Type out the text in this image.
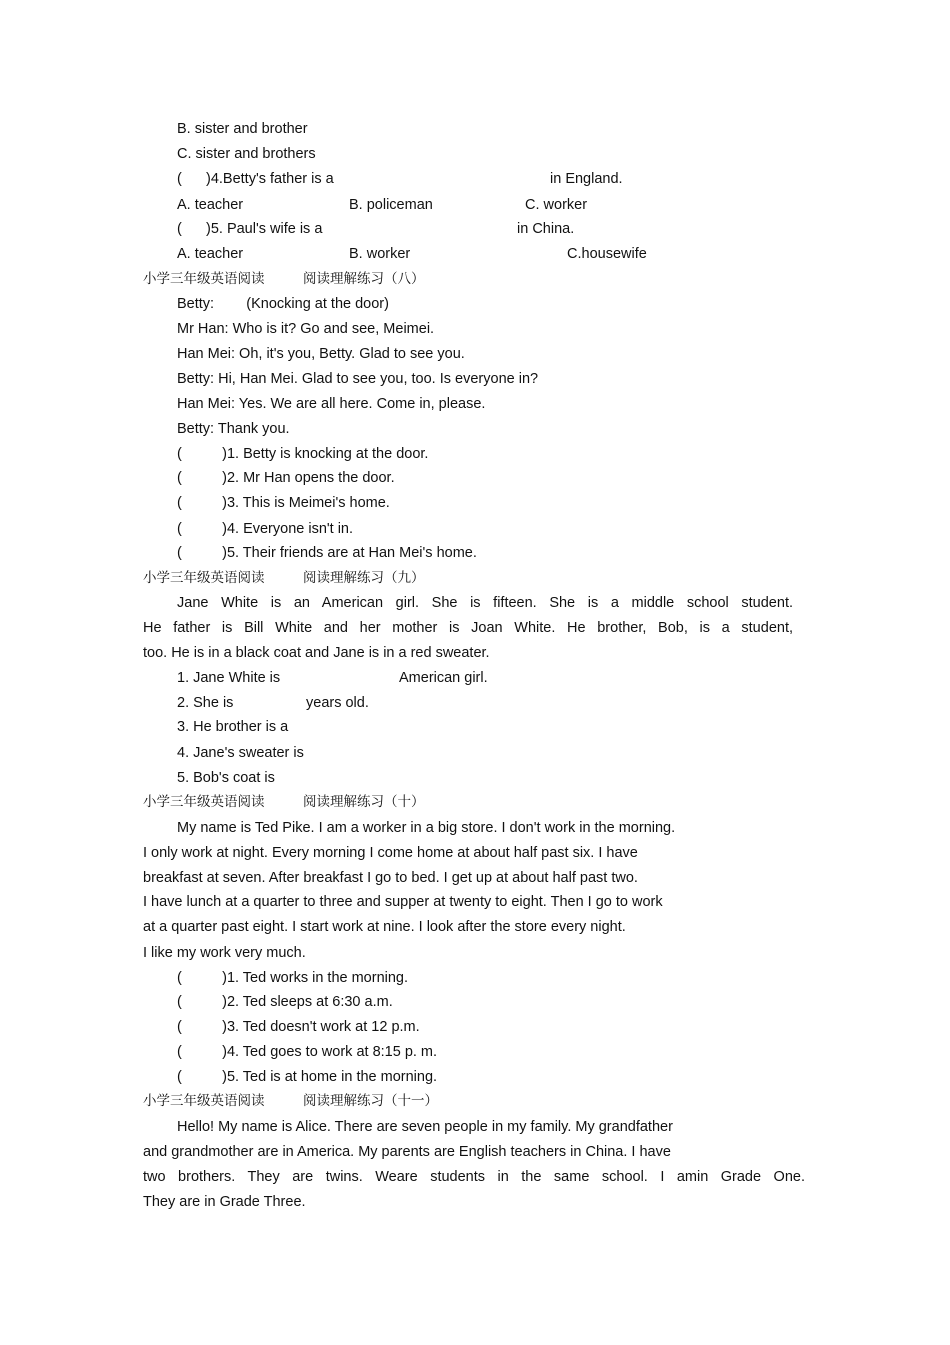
B. sister and brother
C. sister and brothers
(      )4.Betty's father is a	in England.
A. teacher	B. policeman	C. worker
(      )5. Paul's wife is a	in China.
A. teacher	B. worker	C.housewife
小学三年级英语阅读	阅读理解练习（八）
Betty:        (Knocking at the door)
Mr Han: Who is it? Go and see, Meimei.
Han Mei: Oh, it's you, Betty. Glad to see you.
Betty: Hi, Han Mei. Glad to see you, too. Is everyone in?
Han Mei: Yes. We are all here. Come in, please.
Betty: Thank you.
(          )1. Betty is knocking at the door.
(          )2. Mr Han opens the door.
(          )3. This is Meimei's home.
(          )4. Everyone isn't in.
(          )5. Their friends are at Han Mei's home.
小学三年级英语阅读	阅读理解练习（九）
Jane White is an American girl. She is fifteen. She is a middle school student.
He father is Bill White and her mother is Joan White. He brother, Bob, is a student,
too. He is in a black coat and Jane is in a red sweater.
1. Jane White is	American girl.
2. She is	years old.
3. He brother is a
4. Jane's sweater is
5. Bob's coat is
小学三年级英语阅读	阅读理解练习（十）
My name is Ted Pike. I am a worker in a big store. I don't work in the morning.
I only work at night. Every morning I come home at about half past six. I have
breakfast at seven. After breakfast I go to bed. I get up at about half past two.
I have lunch at a quarter to three and supper at twenty to eight. Then I go to work
at a quarter past eight. I start work at nine. I look after the store every night.
I like my work very much.
(          )1. Ted works in the morning.
(          )2. Ted sleeps at 6:30 a.m.
(          )3. Ted doesn't work at 12 p.m.
(          )4. Ted goes to work at 8:15 p. m.
(          )5. Ted is at home in the morning.
小学三年级英语阅读	阅读理解练习（十一）
Hello! My name is Alice. There are seven people in my family. My grandfather
and grandmother are in America. My parents are English teachers in China. I have
two brothers. They are twins. Weare students in the same school. I amin Grade One.
They are in Grade Three.
